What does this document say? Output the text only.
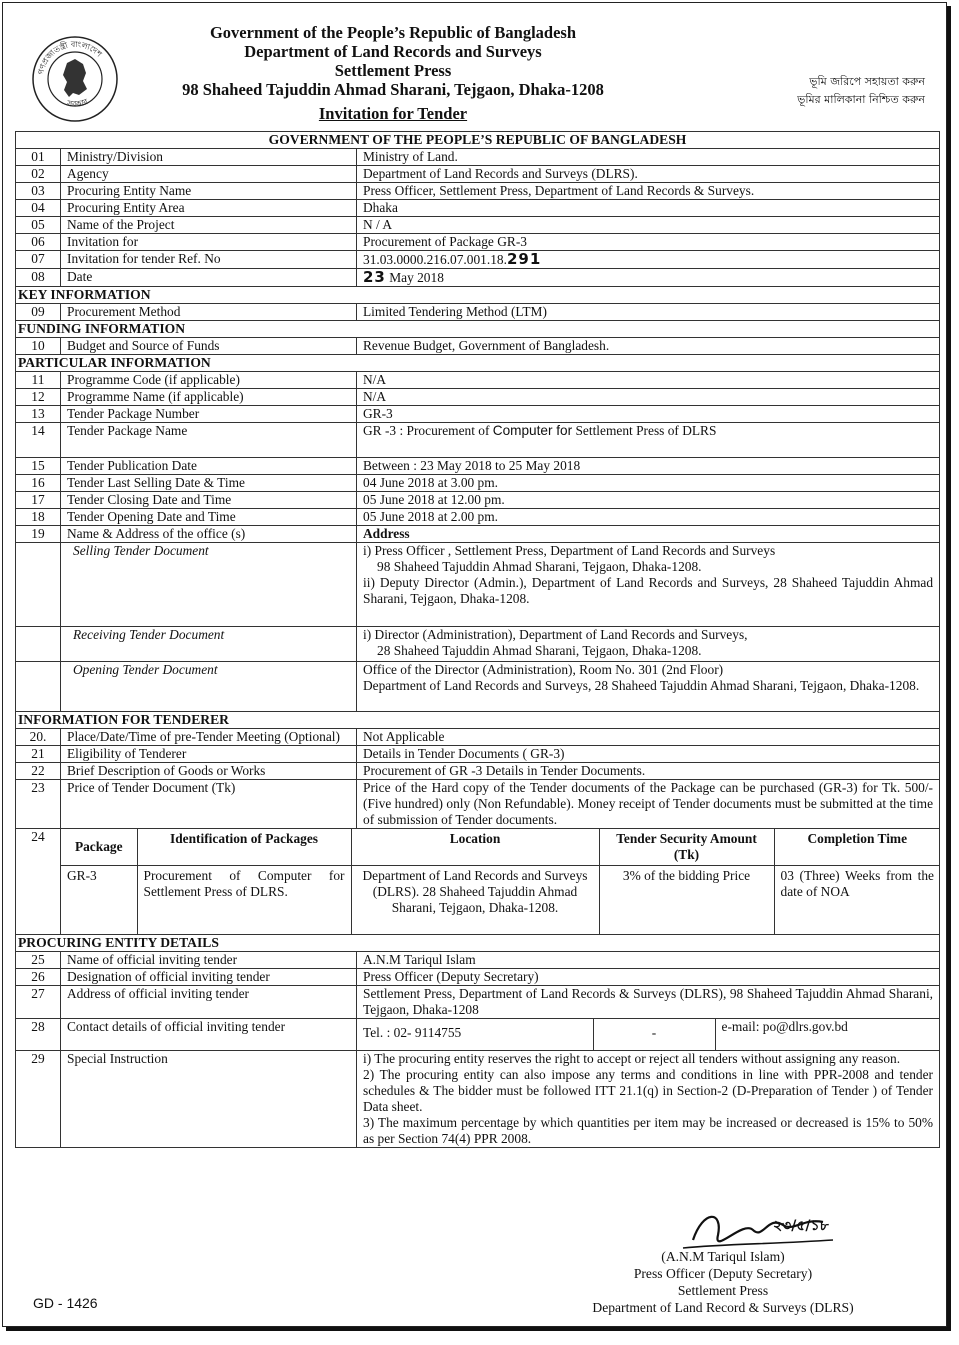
গণপ্রজাতন্ত্রী বাংলাদেশ
সরকার
Government of the People’s Republic of Bangladesh
Department of Land Records and Surveys
Settlement Press
98 Shaheed Tajuddin Ahmad Sharani, Tejgaon, Dhaka-1208
Invitation for Tender
ভূমি জরিপে সহায়তা করুন
ভূমির মালিকানা নিশ্চিত করুন
GOVERNMENT OF THE PEOPLE’S REPUBLIC OF BANGLADESH
01	Ministry/Division	Ministry of Land.
02	Agency	Department of Land Records and Surveys (DLRS).
03	Procuring Entity Name	Press Officer, Settlement Press, Department of Land Records & Surveys.
04	Procuring Entity Area	Dhaka
05	Name of the Project	N / A
06	Invitation for	Procurement of Package GR-3
07	Invitation for tender Ref. No	31.03.0000.216.07.001.18.291
08	Date	23 May 2018
KEY INFORMATION
09	Procurement Method	Limited Tendering Method (LTM)
FUNDING INFORMATION
10	Budget and Source of Funds	Revenue Budget, Government of Bangladesh.
PARTICULAR INFORMATION
11	Programme Code (if applicable)	N/A
12	Programme Name (if applicable)	N/A
13	Tender Package Number	GR-3
14	Tender Package Name	GR -3 : Procurement of Computer for Settlement Press of DLRS
15	Tender Publication Date	Between : 23 May 2018 to 25 May 2018
16	Tender Last Selling Date & Time	04 June 2018 at 3.00 pm.
17	Tender Closing Date and Time	05 June 2018 at 12.00 pm.
18	Tender Opening Date and Time	05 June 2018 at 2.00 pm.
19	Name & Address of the office (s)	Address
	Selling Tender Document	i) Press Officer , Settlement Press, Department of Land Records and Surveys
98 Shaheed Tajuddin Ahmad Sharani, Tejgaon, Dhaka-1208.
ii) Deputy Director (Admin.), Department of Land Records and Surveys, 28 Shaheed Tajuddin Ahmad Sharani, Tejgaon, Dhaka-1208.

	Receiving Tender Document	i) Director (Administration), Department of Land Records and Surveys,
28 Shaheed Tajuddin Ahmad Sharani, Tejgaon, Dhaka-1208.

	Opening Tender Document	Office of the Director (Administration), Room No. 301 (2nd Floor)
Department of Land Records and Surveys, 28 Shaheed Tajuddin Ahmad Sharani, Tejgaon, Dhaka-1208.

INFORMATION FOR TENDERER
20.	Place/Date/Time of pre-Tender Meeting (Optional)	Not Applicable
21	Eligibility of Tenderer	Details in Tender Documents ( GR-3)
22	Brief Description of Goods or Works	Procurement of GR -3 Details in Tender Documents.
23	Price of Tender Document (Tk)	Price of the Hard copy of the Tender documents of the Package can be purchased (GR-3) for Tk. 500/- (Five hundred) only (Non Refundable). Money receipt of Tender documents must be submitted at the time of submission of Tender documents.
24	
Package	Identification of Packages	Location	Tender Security Amount (Tk)	Completion Time
GR-3	Procurement of Computer for Settlement Press of DLRS.	Department of Land Records and Surveys (DLRS). 28 Shaheed Tajuddin Ahmad Sharani, Tejgaon, Dhaka-1208.	3% of the bidding Price	03 (Three) Weeks from the date of NOA

PROCURING ENTITY DETAILS
25	Name of official inviting tender	A.N.M Tariqul Islam
26	Designation of official inviting tender	Press Officer (Deputy Secretary)
27	Address of official inviting tender	Settlement Press, Department of Land Records & Surveys (DLRS), 98 Shaheed Tajuddin Ahmad Sharani, Tejgaon, Dhaka-1208
28	Contact details of official inviting tender		Tel. : 02- 9114755	-	e-mail: po@dlrs.gov.bd

29	Special Instruction	i) The procuring entity reserves the right to accept or reject all tenders without assigning any reason.
2) The procuring entity can also impose any terms and conditions in line with PPR-2008 and tender schedules & The bidder must be followed ITT 21.1(q) in Section-2 (D-Preparation of Tender ) of Tender Data sheet.
3) The maximum percentage by which quantities per item may be increased or decreased is 15% to 50% as per Section 74(4) PPR 2008.
২৩/৫/১৮
(A.N.M Tariqul Islam)
Press Officer (Deputy Secretary)
Settlement Press
Department of Land Record & Surveys (DLRS)
GD - 1426
